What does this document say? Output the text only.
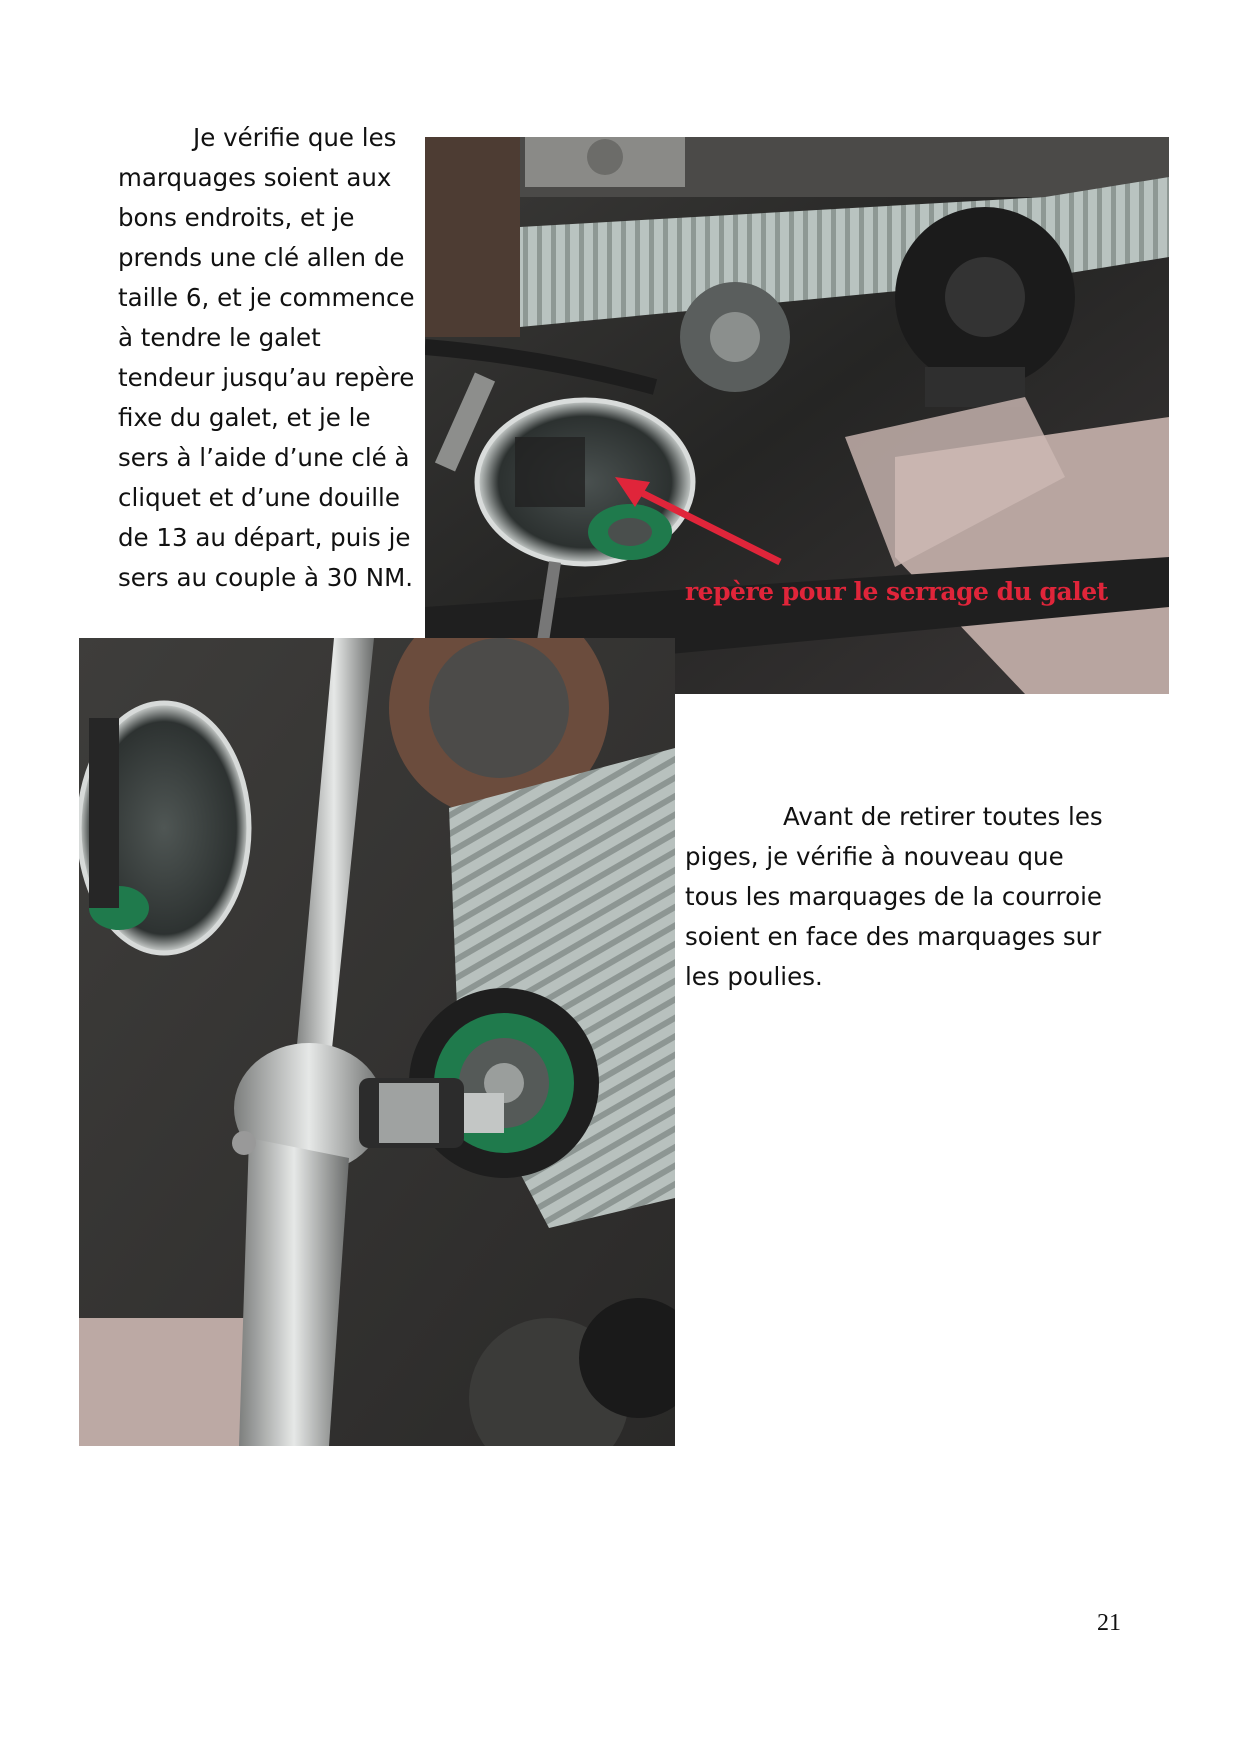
Je vérifie que les marquages soient aux bons endroits, et je prends une clé allen de taille 6, et je commence à tendre le galet tendeur jusqu’au repère fixe du galet, et je le sers à l’aide d’une clé à cliquet et d’une douille de 13 au départ, puis je sers au couple à 30 NM.	repère pour le serrage du galet

Avant de retirer toutes les piges, je vérifie à nouveau que tous les marquages de la courroie soient en face des marquages sur les poulies.

21
